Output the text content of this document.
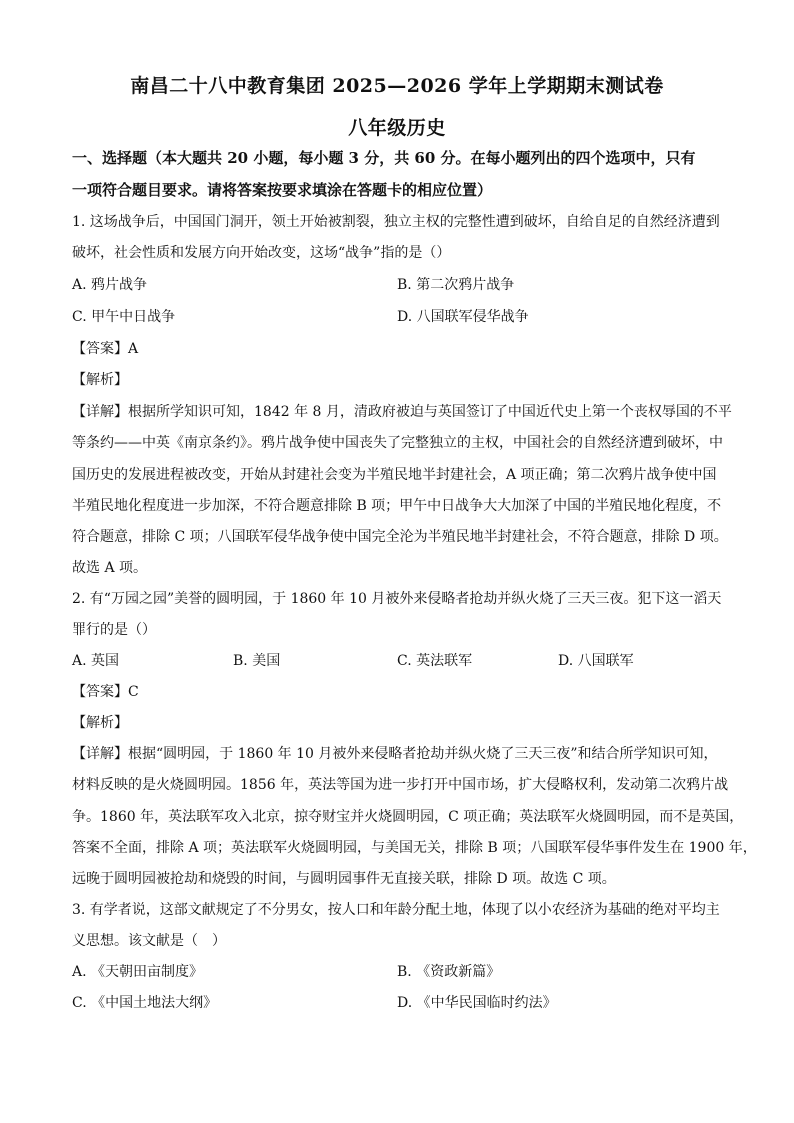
南昌二十八中教育集团 2025—2026 学年上学期期末测试卷
八年级历史
一、选择题（本大题共 20 小题，每小题 3 分，共 60 分。在每小题列出的四个选项中，只有
一项符合题目要求。请将答案按要求填涂在答题卡的相应位置）
1. 这场战争后，中国国门洞开，领土开始被割裂，独立主权的完整性遭到破坏，自给自足的自然经济遭到
破坏，社会性质和发展方向开始改变，这场“战争”指的是（）
A. 鸦片战争	B. 第二次鸦片战争
C. 甲午中日战争	D. 八国联军侵华战争
【答案】A
【解析】
【详解】根据所学知识可知，1842 年 8 月，清政府被迫与英国签订了中国近代史上第一个丧权辱国的不平
等条约——中英《南京条约》。鸦片战争使中国丧失了完整独立的主权，中国社会的自然经济遭到破坏，中
国历史的发展进程被改变，开始从封建社会变为半殖民地半封建社会，A 项正确；第二次鸦片战争使中国
半殖民地化程度进一步加深，不符合题意排除 B 项；甲午中日战争大大加深了中国的半殖民地化程度，不
符合题意，排除 C 项；八国联军侵华战争使中国完全沦为半殖民地半封建社会，不符合题意，排除 D 项。
故选 A 项。
2. 有“万园之园”美誉的圆明园，于 1860 年 10 月被外来侵略者抢劫并纵火烧了三天三夜。犯下这一滔天
罪行的是（）
A. 英国	B. 美国	C. 英法联军	D. 八国联军
【答案】C
【解析】
【详解】根据“圆明园，于 1860 年 10 月被外来侵略者抢劫并纵火烧了三天三夜”和结合所学知识可知，
材料反映的是火烧圆明园。1856 年，英法等国为进一步打开中国市场，扩大侵略权利，发动第二次鸦片战
争。1860 年，英法联军攻入北京，掠夺财宝并火烧圆明园，C 项正确；英法联军火烧圆明园，而不是英国，
答案不全面，排除 A 项；英法联军火烧圆明园，与美国无关，排除 B 项；八国联军侵华事件发生在 1900 年，
远晚于圆明园被抢劫和烧毁的时间，与圆明园事件无直接关联，排除 D 项。故选 C 项。
3. 有学者说，这部文献规定了不分男女，按人口和年龄分配土地，体现了以小农经济为基础的绝对平均主
义思想。该文献是（　）
A. 《天朝田亩制度》	B. 《资政新篇》
C. 《中国土地法大纲》	D. 《中华民国临时约法》
